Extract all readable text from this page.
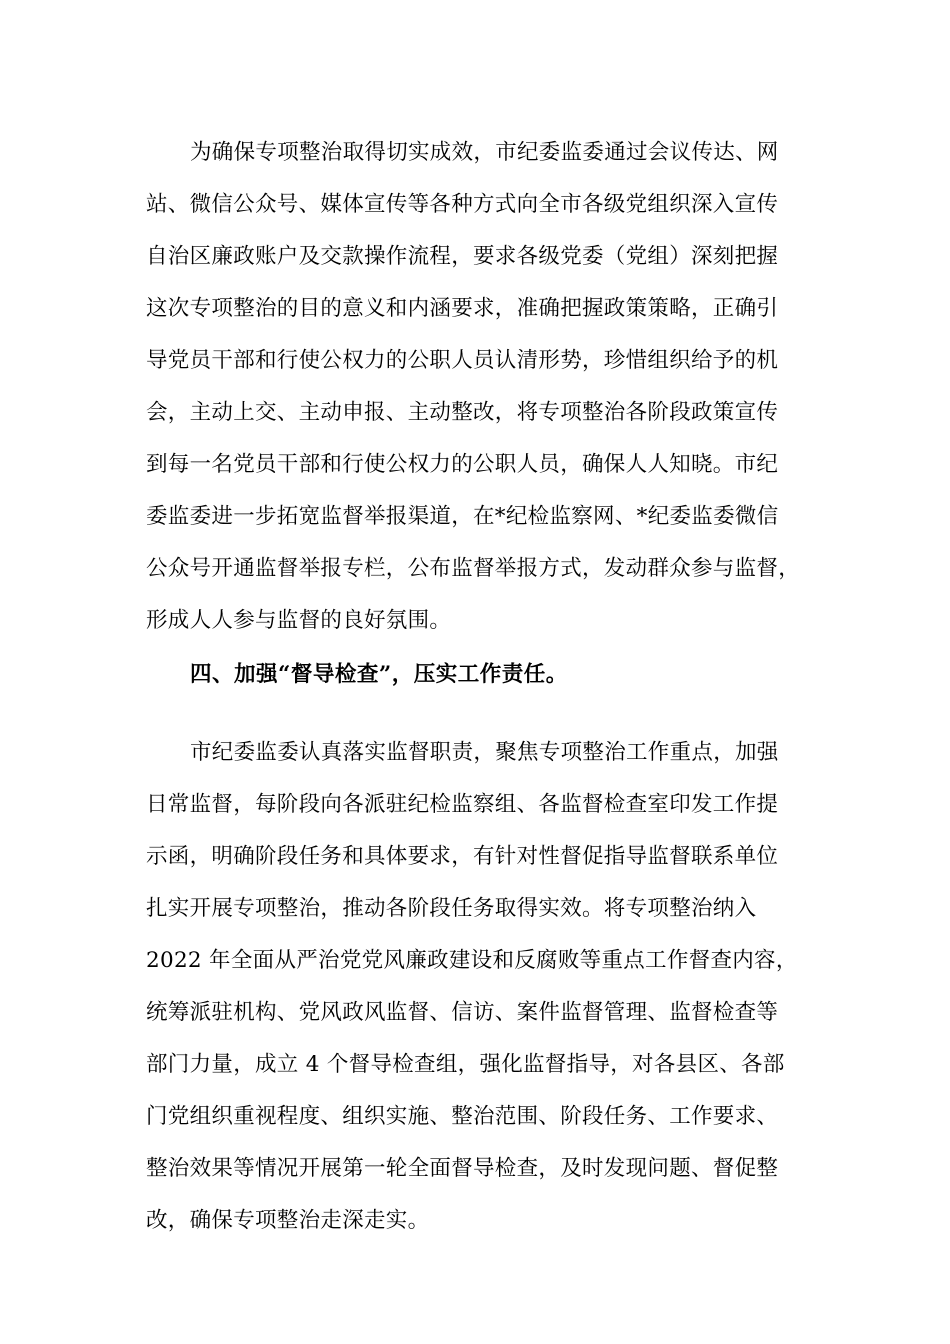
为确保专项整治取得切实成效，市纪委监委通过会议传达、网
站、微信公众号、媒体宣传等各种方式向全市各级党组织深入宣传
自治区廉政账户及交款操作流程，要求各级党委（党组）深刻把握
这次专项整治的目的意义和内涵要求，准确把握政策策略，正确引
导党员干部和行使公权力的公职人员认清形势，珍惜组织给予的机
会，主动上交、主动申报、主动整改，将专项整治各阶段政策宣传
到每一名党员干部和行使公权力的公职人员，确保人人知晓。市纪
委监委进一步拓宽监督举报渠道，在*纪检监察网、*纪委监委微信
公众号开通监督举报专栏，公布监督举报方式，发动群众参与监督，
形成人人参与监督的良好氛围。
四、加强“督导检查”，压实工作责任。
市纪委监委认真落实监督职责，聚焦专项整治工作重点，加强
日常监督，每阶段向各派驻纪检监察组、各监督检查室印发工作提
示函，明确阶段任务和具体要求，有针对性督促指导监督联系单位
扎实开展专项整治，推动各阶段任务取得实效。将专项整治纳入
2022 年全面从严治党党风廉政建设和反腐败等重点工作督查内容，
统筹派驻机构、党风政风监督、信访、案件监督管理、监督检查等
部门力量，成立 4 个督导检查组，强化监督指导，对各县区、各部
门党组织重视程度、组织实施、整治范围、阶段任务、工作要求、
整治效果等情况开展第一轮全面督导检查，及时发现问题、督促整
改，确保专项整治走深走实。
